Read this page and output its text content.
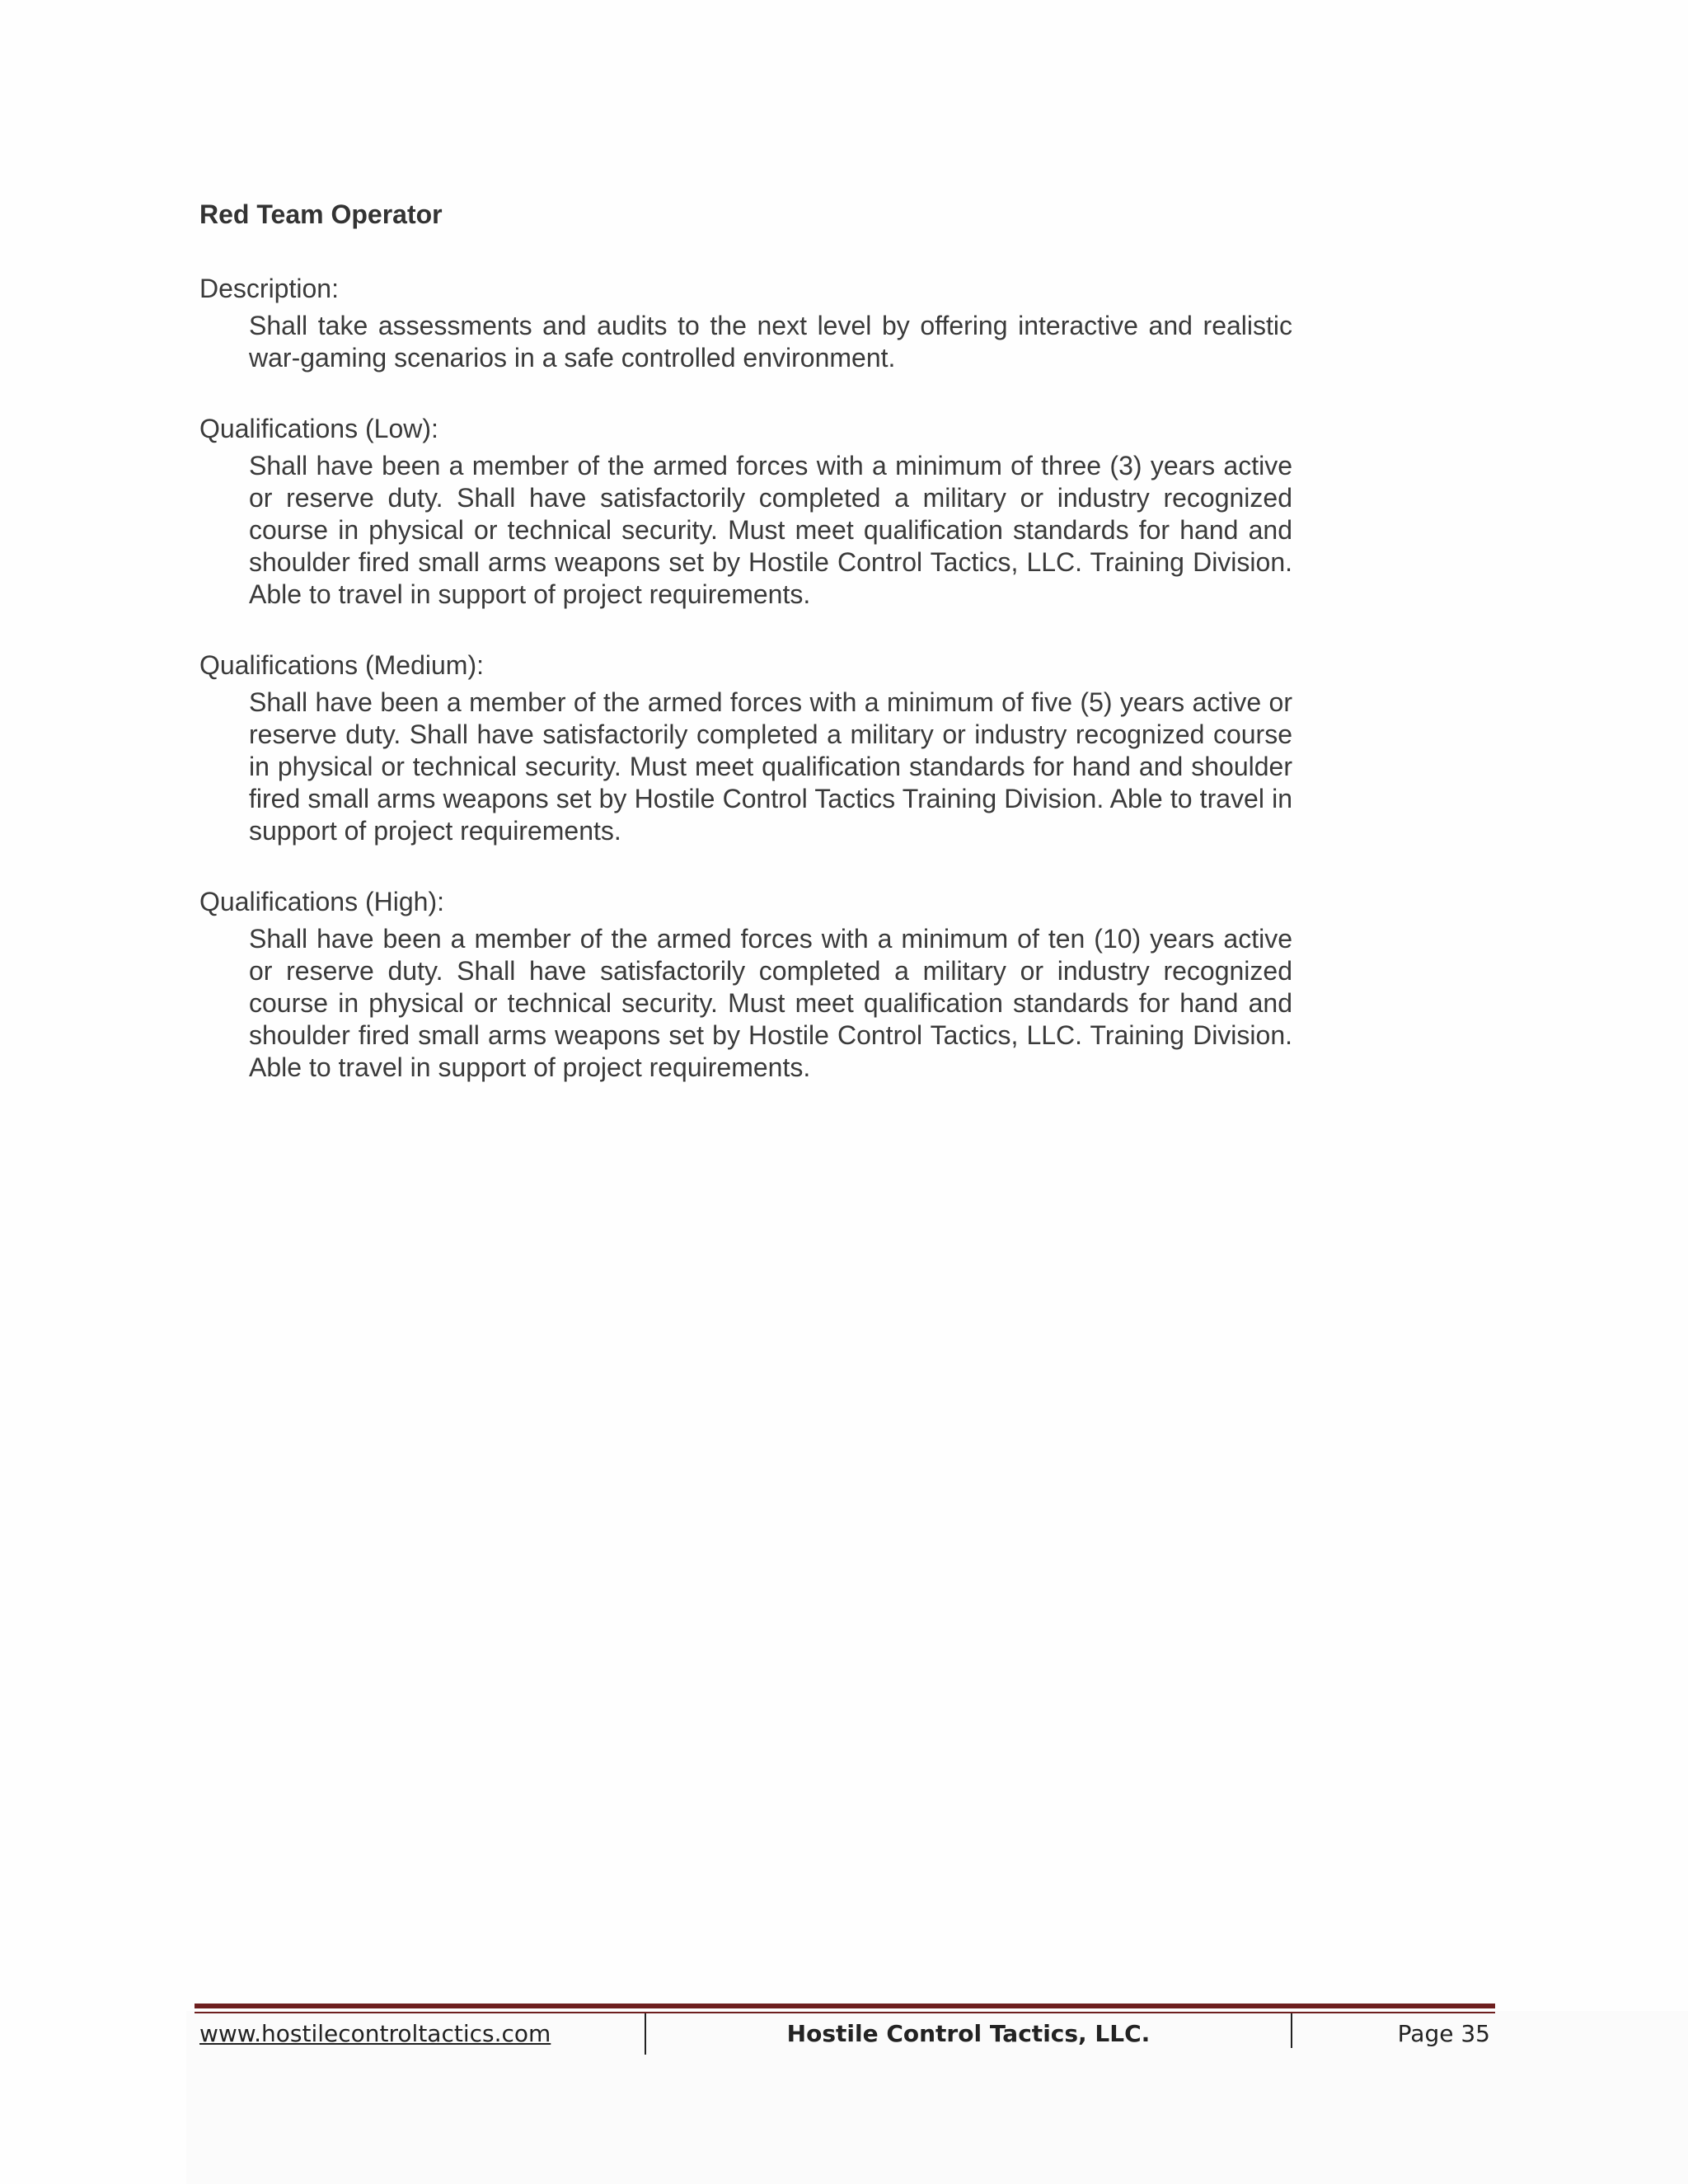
Red Team Operator
Description:
Shall take assessments and audits to the next level by offering interactive and realistic war-gaming scenarios in a safe controlled environment.
Qualifications (Low):
Shall have been a member of the armed forces with a minimum of three (3) years active or reserve duty. Shall have satisfactorily completed a military or industry recognized course in physical or technical security. Must meet qualification standards for hand and shoulder fired small arms weapons set by Hostile Control Tactics, LLC. Training Division. Able to travel in support of project requirements.
Qualifications (Medium):
Shall have been a member of the armed forces with a minimum of five (5) years active or reserve duty. Shall have satisfactorily completed a military or industry recognized course in physical or technical security. Must meet qualification standards for hand and shoulder fired small arms weapons set by Hostile Control Tactics Training Division. Able to travel in support of project requirements.
Qualifications (High):
Shall have been a member of the armed forces with a minimum of ten (10) years active or reserve duty. Shall have satisfactorily completed a military or industry recognized course in physical or technical security. Must meet qualification standards for hand and shoulder fired small arms weapons set by Hostile Control Tactics, LLC. Training Division. Able to travel in support of project requirements.
www.hostilecontroltactics.com	Hostile Control Tactics, LLC.	Page 35
